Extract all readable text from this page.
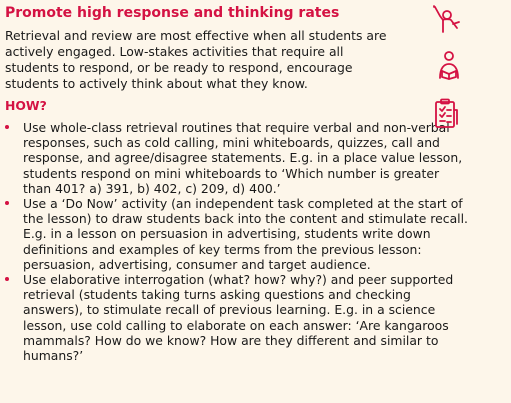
Promote high response and thinking rates

Retrieval and review are most effective when all students are actively engaged. Low-stakes activities that require all students to respond, or be ready to respond, encourage students to actively think about what they know.

HOW?
Use whole-class retrieval routines that require verbal and non-verbal responses, such as cold calling, mini whiteboards, quizzes, call and response, and agree/disagree statements. E.g. in a place value lesson, students respond on mini whiteboards to ‘Which number is greater than 401? a) 391, b) 402, c) 209, d) 400.’
Use a ‘Do Now’ activity (an independent task completed at the start of the lesson) to draw students back into the content and stimulate recall. E.g. in a lesson on persuasion in advertising, students write down definitions and examples of key terms from the previous lesson: persuasion, advertising, consumer and target audience.
Use elaborative interrogation (what? how? why?) and peer supported retrieval (students taking turns asking questions and checking answers), to stimulate recall of previous learning. E.g. in a science lesson, use cold calling to elaborate on each answer: ‘Are kangaroos mammals? How do we know? How are they different and similar to humans?’
